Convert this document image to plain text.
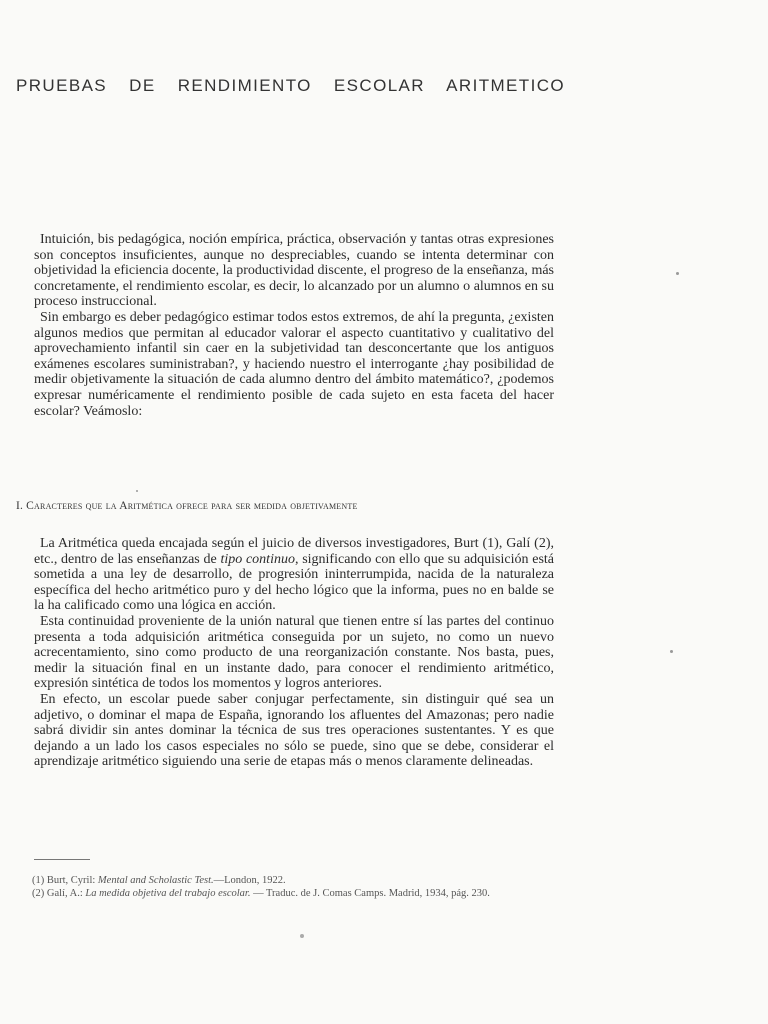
PRUEBAS DE RENDIMIENTO ESCOLAR ARITMETICO

Intuición, bis pedagógica, noción empírica, práctica, observación y tantas otras expresiones son conceptos insuficientes, aunque no despreciables, cuando se intenta determinar con objetividad la eficiencia docente, la productividad discente, el progreso de la enseñanza, más concretamente, el rendimiento escolar, es decir, lo alcanzado por un alumno o alumnos en su proceso instruccional.

Sin embargo es deber pedagógico estimar todos estos extremos, de ahí la pregunta, ¿existen algunos medios que permitan al educador valorar el aspecto cuantitativo y cualitativo del aprovechamiento infantil sin caer en la subjetividad tan desconcertante que los antiguos exámenes escolares suministraban?, y haciendo nuestro el interrogante ¿hay posibilidad de medir objetivamente la situación de cada alumno dentro del ámbito matemático?, ¿podemos expresar numéricamente el rendimiento posible de cada sujeto en esta faceta del hacer escolar? Veámoslo:

I. Caracteres que la Aritmética ofrece para ser medida objetivamente

La Aritmética queda encajada según el juicio de diversos investigadores, Burt (1), Galí (2), etc., dentro de las enseñanzas de tipo continuo, significando con ello que su adquisición está sometida a una ley de desarrollo, de progresión ininterrumpida, nacida de la naturaleza específica del hecho aritmético puro y del hecho lógico que la informa, pues no en balde se la ha calificado como una lógica en acción.

Esta continuidad proveniente de la unión natural que tienen entre sí las partes del continuo presenta a toda adquisición aritmética conseguida por un sujeto, no como un nuevo acrecentamiento, sino como producto de una reorganización constante. Nos basta, pues, medir la situación final en un instante dado, para conocer el rendimiento aritmético, expresión sintética de todos los momentos y logros anteriores.

En efecto, un escolar puede saber conjugar perfectamente, sin distinguir qué sea un adjetivo, o dominar el mapa de España, ignorando los afluentes del Amazonas; pero nadie sabrá dividir sin antes dominar la técnica de sus tres operaciones sustentantes. Y es que dejando a un lado los casos especiales no sólo se puede, sino que se debe, considerar el aprendizaje aritmético siguiendo una serie de etapas más o menos claramente delineadas.

(1) Burt, Cyril: Mental and Scholastic Test.—London, 1922.

(2) Galí, A.: La medida objetiva del trabajo escolar. — Traduc. de J. Comas Camps. Madrid, 1934, pág. 230.
